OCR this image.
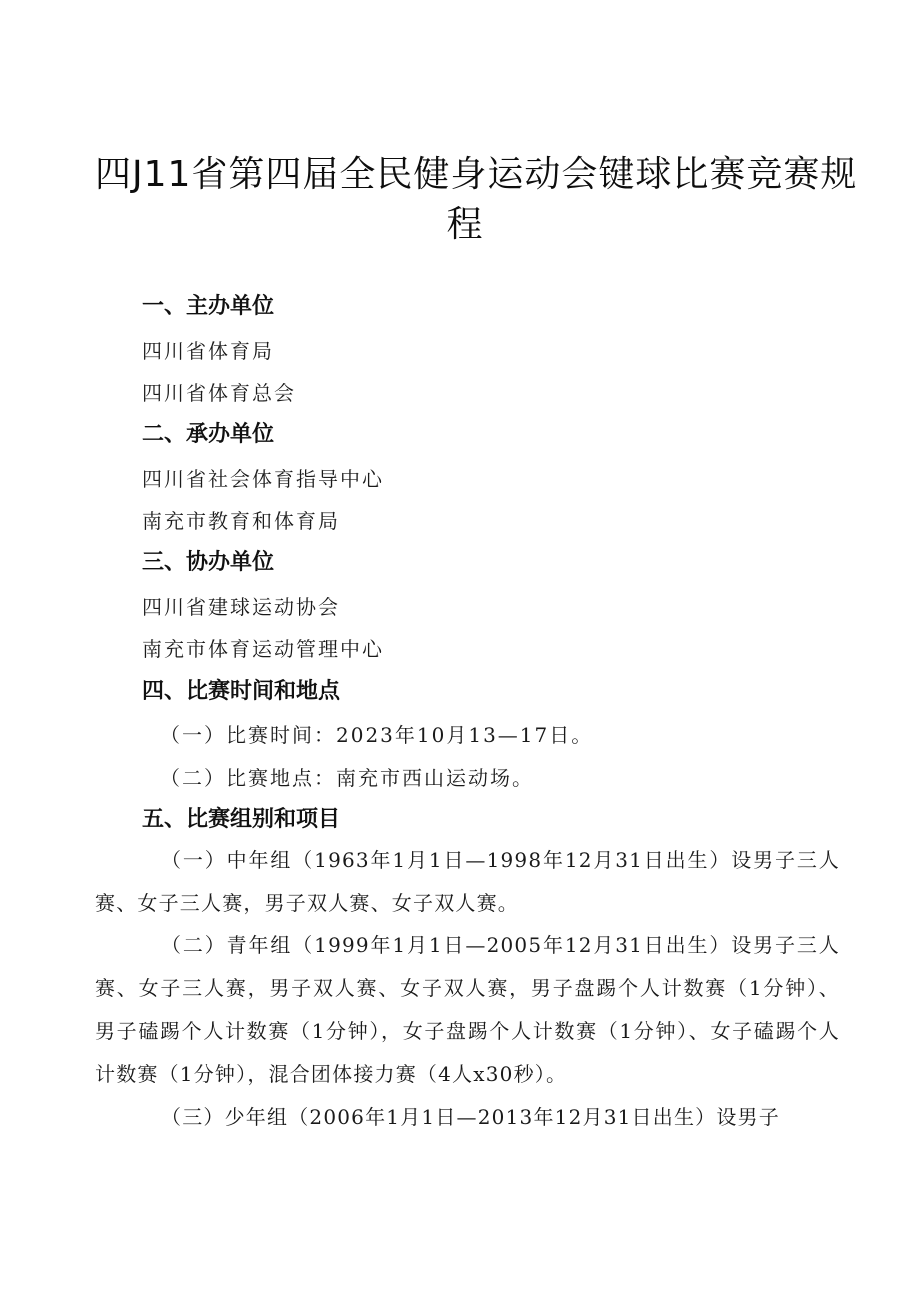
四J11省第四届全民健身运动会键球比赛竞赛规
程
一、主办单位
四川省体育局
四川省体育总会
二、承办单位
四川省社会体育指导中心
南充市教育和体育局
三、协办单位
四川省建球运动协会
南充市体育运动管理中心
四、比赛时间和地点
（一）比赛时间：2023年10月13—17日。
（二）比赛地点：南充市西山运动场。
五、比赛组别和项目

（一）中年组（1963年1月1日—1998年12月31日出生）设男子三人赛、女子三人赛，男子双人赛、女子双人赛。

（二）青年组（1999年1月1日—2005年12月31日出生）设男子三人赛、女子三人赛，男子双人赛、女子双人赛，男子盘踢个人计数赛（1分钟）、男子磕踢个人计数赛（1分钟），女子盘踢个人计数赛（1分钟）、女子磕踢个人计数赛（1分钟），混合团体接力赛（4人x30秒）。

（三）少年组（2006年1月1日—2013年12月31日出生）设男子
